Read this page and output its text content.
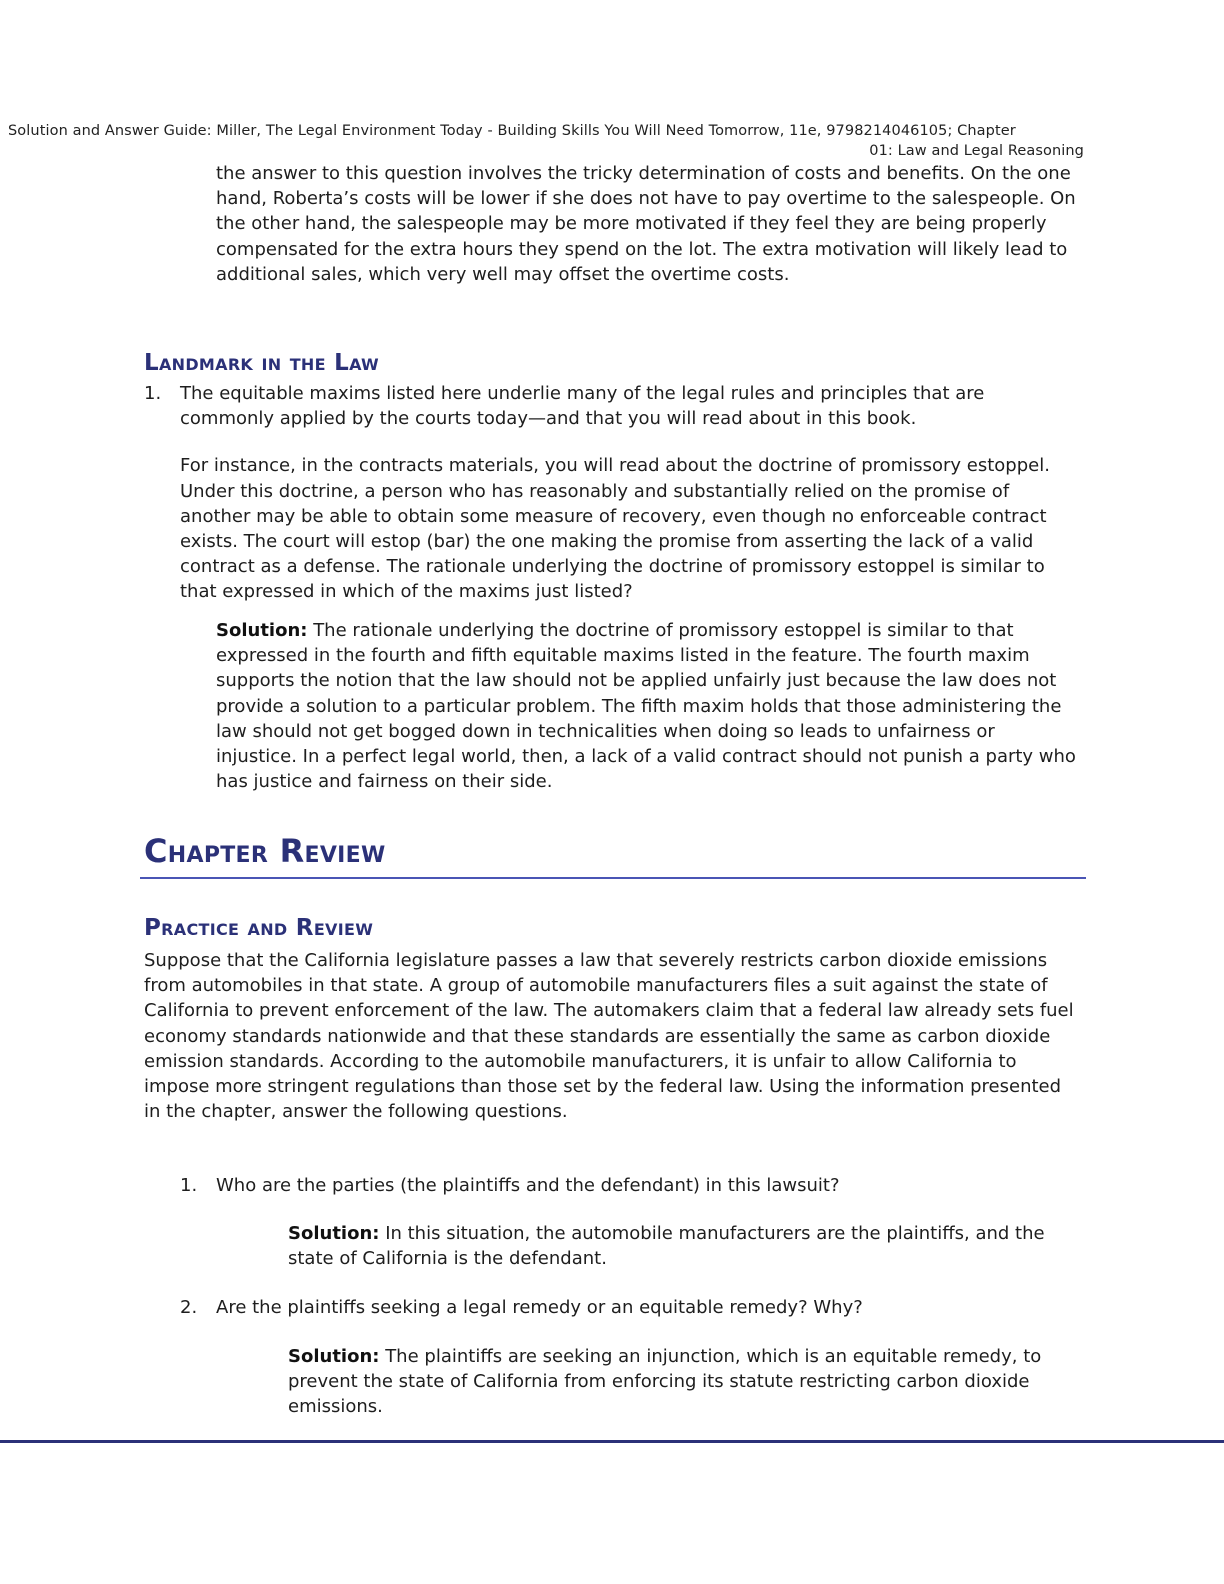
Solution and Answer Guide: Miller, The Legal Environment Today - Building Skills You Will Need Tomorrow, 11e, 9798214046105; Chapter
01: Law and Legal Reasoning

the answer to this question involves the tricky determination of costs and benefits. On the one hand, Roberta’s costs will be lower if she does not have to pay overtime to the salespeople. On the other hand, the salespeople may be more motivated if they feel they are being properly compensated for the extra hours they spend on the lot. The extra motivation will likely lead to additional sales, which very well may offset the overtime costs.

Landmark in the Law
1. The equitable maxims listed here underlie many of the legal rules and principles that are commonly applied by the courts today—and that you will read about in this book.

For instance, in the contracts materials, you will read about the doctrine of promissory estoppel. Under this doctrine, a person who has reasonably and substantially relied on the promise of another may be able to obtain some measure of recovery, even though no enforceable contract exists. The court will estop (bar) the one making the promise from asserting the lack of a valid contract as a defense. The rationale underlying the doctrine of promissory estoppel is similar to that expressed in which of the maxims just listed?

Solution: The rationale underlying the doctrine of promissory estoppel is similar to that expressed in the fourth and fifth equitable maxims listed in the feature. The fourth maxim supports the notion that the law should not be applied unfairly just because the law does not provide a solution to a particular problem. The fifth maxim holds that those administering the law should not get bogged down in technicalities when doing so leads to unfairness or injustice. In a perfect legal world, then, a lack of a valid contract should not punish a party who has justice and fairness on their side.

Chapter Review
Practice and Review

Suppose that the California legislature passes a law that severely restricts carbon dioxide emissions from automobiles in that state. A group of automobile manufacturers files a suit against the state of California to prevent enforcement of the law. The automakers claim that a federal law already sets fuel economy standards nationwide and that these standards are essentially the same as carbon dioxide emission standards. According to the automobile manufacturers, it is unfair to allow California to impose more stringent regulations than those set by the federal law. Using the information presented in the chapter, answer the following questions.

1. Who are the parties (the plaintiffs and the defendant) in this lawsuit?

Solution: In this situation, the automobile manufacturers are the plaintiffs, and the state of California is the defendant.

2. Are the plaintiffs seeking a legal remedy or an equitable remedy? Why?

Solution: The plaintiffs are seeking an injunction, which is an equitable remedy, to prevent the state of California from enforcing its statute restricting carbon dioxide emissions.
